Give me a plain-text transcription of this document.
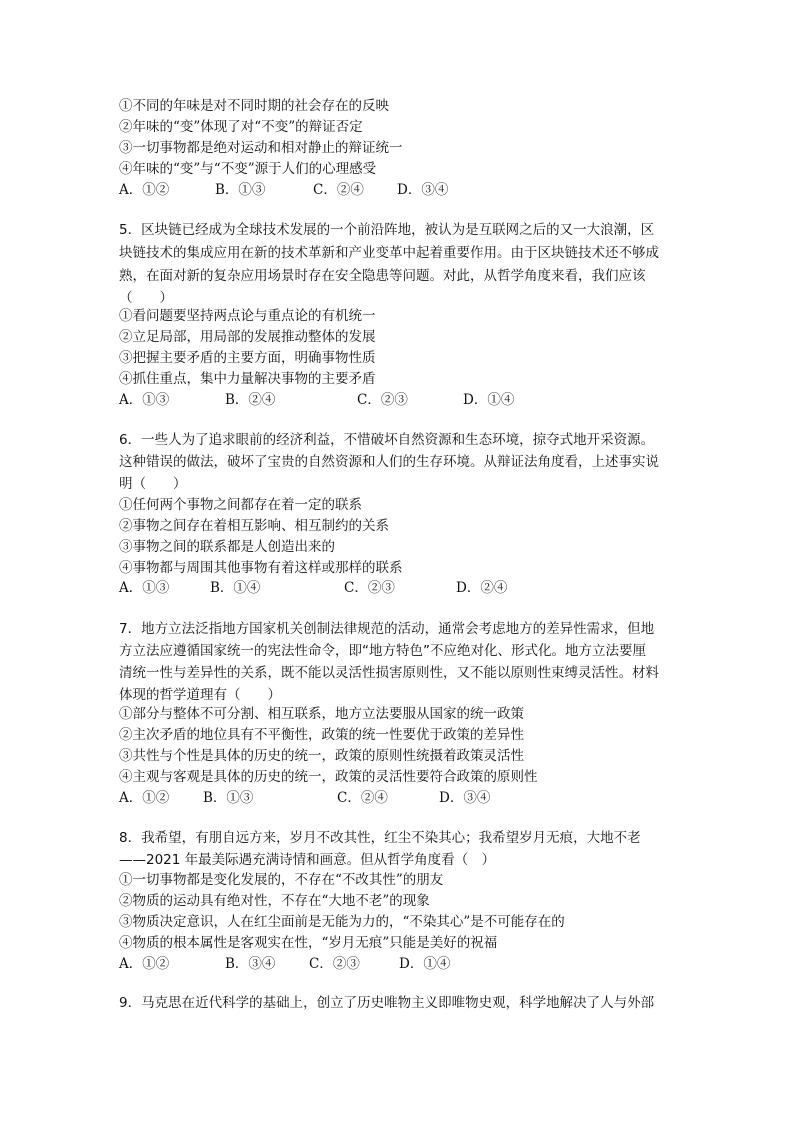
①不同的年味是对不同时期的社会存在的反映
②年味的“变”体现了对“不变”的辩证否定
③一切事物都是绝对运动和相对静止的辩证统一
④年味的“变”与“不变”源于人们的心理感受
A．①②	B．①③	C．②④ D．③④
5．区块链已经成为全球技术发展的一个前沿阵地，被认为是互联网之后的又一大浪潮，区
块链技术的集成应用在新的技术革新和产业变革中起着重要作用。由于区块链技术还不够成
熟，在面对新的复杂应用场景时存在安全隐患等问题。对此，从哲学角度来看，我们应该
（　　）
①看问题要坚持两点论与重点论的有机统一
②立足局部，用局部的发展推动整体的发展
③把握主要矛盾的主要方面，明确事物性质
④抓住重点，集中力量解决事物的主要矛盾
A．①③	B．②④	C．②③	D．①④
6．一些人为了追求眼前的经济利益，不惜破坏自然资源和生态环境，掠夺式地开采资源。
这种错误的做法，破坏了宝贵的自然资源和人们的生存环境。从辩证法角度看，上述事实说
明（　　）
①任何两个事物之间都存在着一定的联系
②事物之间存在着相互影响、相互制约的关系
③事物之间的联系都是人创造出来的
④事物都与周围其他事物有着这样或那样的联系
A．①③	B．①④	C．②③	D．②④
7．地方立法泛指地方国家机关创制法律规范的活动，通常会考虑地方的差异性需求，但地
方立法应遵循国家统一的宪法性命令，即“地方特色”不应绝对化、形式化。地方立法要厘
清统一性与差异性的关系，既不能以灵活性损害原则性，又不能以原则性束缚灵活性。材料
体现的哲学道理有（　　）
①部分与整体不可分割、相互联系，地方立法要服从国家的统一政策
②主次矛盾的地位具有不平衡性，政策的统一性要优于政策的差异性
③共性与个性是具体的历史的统一，政策的原则性统摄着政策灵活性
④主观与客观是具体的历史的统一，政策的灵活性要符合政策的原则性
A．①②	B．①③	C．②④	D．③④
8．我希望，有朋自远方来，岁月不改其性，红尘不染其心；我希望岁月无痕，大地不老
——2021 年最美际遇充满诗情和画意。但从哲学角度看（　）
①一切事物都是变化发展的，不存在“不改其性”的朋友
②物质的运动具有绝对性，不存在“大地不老”的现象
③物质决定意识，人在红尘面前是无能为力的，“不染其心”是不可能存在的
④物质的根本属性是客观实在性，“岁月无痕”只能是美好的祝福
A．①②	B．③④ C．②③	D．①④
9．马克思在近代科学的基础上，创立了历史唯物主义即唯物史观，科学地解决了人与外部
